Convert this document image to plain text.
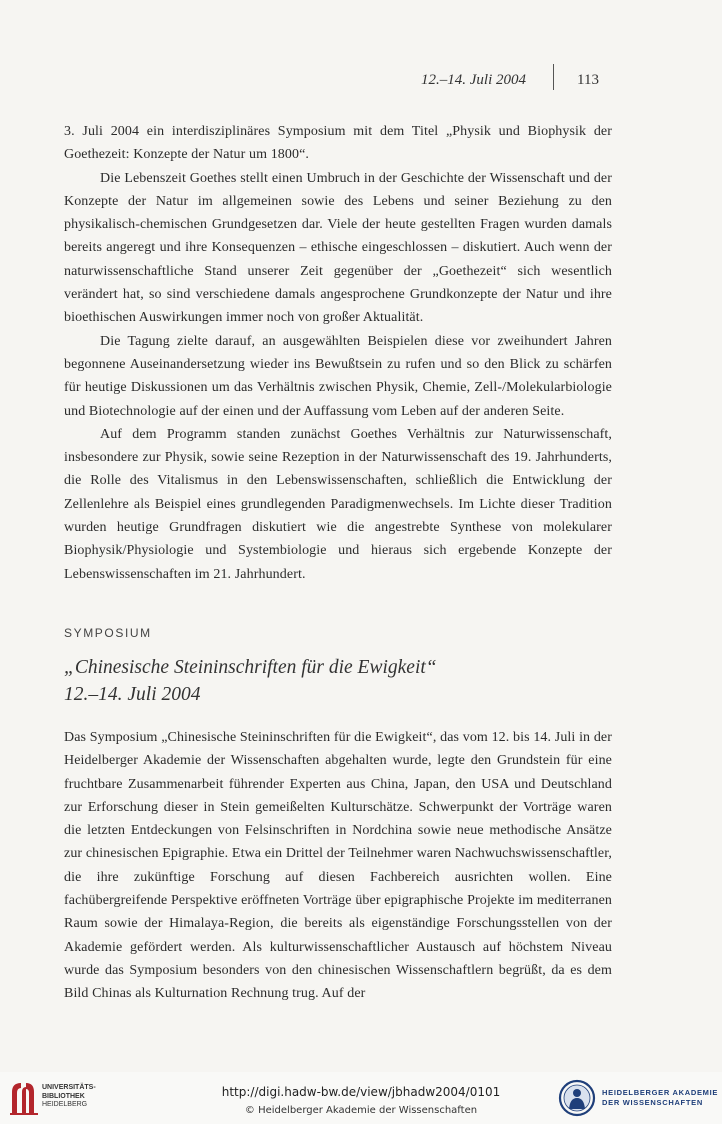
12.–14. Juli 2004	113

3. Juli 2004 ein interdisziplinäres Symposium mit dem Titel „Physik und Biophysik der Goethezeit: Konzepte der Natur um 1800“.

Die Lebenszeit Goethes stellt einen Umbruch in der Geschichte der Wissenschaft und der Konzepte der Natur im allgemeinen sowie des Lebens und seiner Beziehung zu den physikalisch-chemischen Grundgesetzen dar. Viele der heute gestellten Fragen wurden damals bereits angeregt und ihre Konsequenzen – ethische eingeschlossen – diskutiert. Auch wenn der naturwissenschaftliche Stand unserer Zeit gegenüber der „Goethezeit“ sich wesentlich verändert hat, so sind verschiedene damals angesprochene Grundkonzepte der Natur und ihre bioethischen Auswirkungen immer noch von großer Aktualität.

Die Tagung zielte darauf, an ausgewählten Beispielen diese vor zweihundert Jahren begonnene Auseinandersetzung wieder ins Bewußtsein zu rufen und so den Blick zu schärfen für heutige Diskussionen um das Verhältnis zwischen Physik, Chemie, Zell-/Molekularbiologie und Biotechnologie auf der einen und der Auffassung vom Leben auf der anderen Seite.

Auf dem Programm standen zunächst Goethes Verhältnis zur Naturwissenschaft, insbesondere zur Physik, sowie seine Rezeption in der Naturwissenschaft des 19. Jahrhunderts, die Rolle des Vitalismus in den Lebenswissenschaften, schließlich die Entwicklung der Zellenlehre als Beispiel eines grundlegenden Paradigmenwechsels. Im Lichte dieser Tradition wurden heutige Grundfragen diskutiert wie die angestrebte Synthese von molekularer Biophysik/Physiologie und Systembiologie und hieraus sich ergebende Konzepte der Lebenswissenschaften im 21. Jahrhundert.

SYMPOSIUM
„Chinesische Steininschriften für die Ewigkeit“
12.–14. Juli 2004

Das Symposium „Chinesische Steininschriften für die Ewigkeit“, das vom 12. bis 14. Juli in der Heidelberger Akademie der Wissenschaften abgehalten wurde, legte den Grundstein für eine fruchtbare Zusammenarbeit führender Experten aus China, Japan, den USA und Deutschland zur Erforschung dieser in Stein gemeißelten Kulturschätze. Schwerpunkt der Vorträge waren die letzten Entdeckungen von Felsinschriften in Nordchina sowie neue methodische Ansätze zur chinesischen Epigraphie. Etwa ein Drittel der Teilnehmer waren Nachwuchswissenschaftler, die ihre zukünftige Forschung auf diesen Fachbereich ausrichten wollen. Eine fachübergreifende Perspektive eröffneten Vorträge über epigraphische Projekte im mediterranen Raum sowie der Himalaya-Region, die bereits als eigenständige Forschungsstellen von der Akademie gefördert werden. Als kulturwissenschaftlicher Austausch auf höchstem Niveau wurde das Symposium besonders von den chinesischen Wissenschaftlern begrüßt, da es dem Bild Chinas als Kulturnation Rechnung trug. Auf der

UNIVERSITÄTS-
BIBLIOTHEK
HEIDELBERG
http://digi.hadw-bw.de/view/jbhadw2004/0101
© Heidelberger Akademie der Wissenschaften
HEIDELBERGER AKADEMIE
DER WISSENSCHAFTEN
